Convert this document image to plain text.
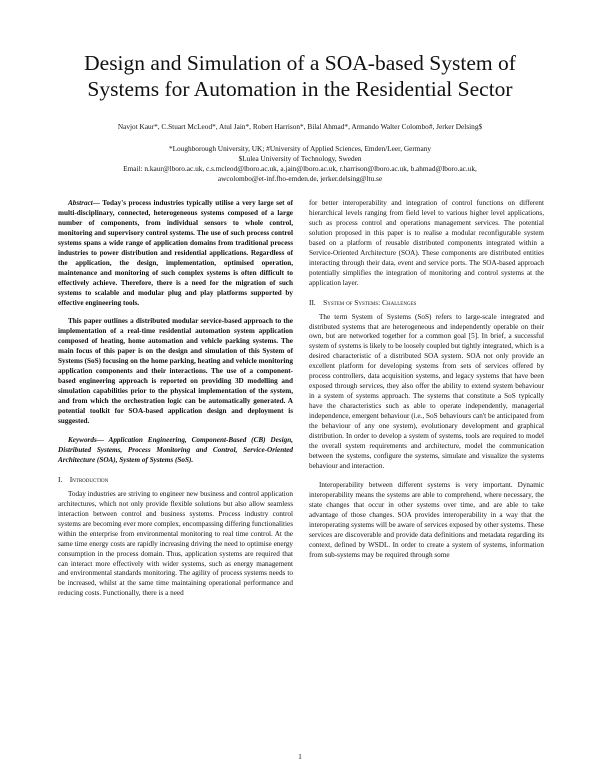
Design and Simulation of a SOA-based System of
Systems for Automation in the Residential Sector
Navjot Kaur*, C.Stuart McLeod*, Atul Jain*, Robert Harrison*, Bilal Ahmad*, Armando Walter Colombo#, Jerker Delsing$
*Loughborough University, UK; #University of Applied Sciences, Emden/Leer, Germany
$Lulea University of Technology, Sweden
Email: n.kaur@lboro.ac.uk, c.s.mcleod@lboro.ac.uk, a.jain@lboro.ac.uk, r.harrison@lboro.ac.uk, b.ahmad@lboro.ac.uk,
awcolombo@et-inf.fho-emden.de, jerker.delsing@ltu.se

Abstract— Today's process industries typically utilise a very large set of multi-disciplinary, connected, heterogeneous systems composed of a large number of components, from individual sensors to whole control, monitoring and supervisory control systems. The use of such process control systems spans a wide range of application domains from traditional process industries to power distribution and residential applications. Regardless of the application, the design, implementation, optimised operation, maintenance and monitoring of such complex systems is often difficult to effectively achieve. Therefore, there is a need for the migration of such systems to scalable and modular plug and play platforms supported by effective engineering tools.

This paper outlines a distributed modular service-based approach to the implementation of a real-time residential automation system application composed of heating, home automation and vehicle parking systems. The main focus of this paper is on the design and simulation of this System of Systems (SoS) focusing on the home parking, heating and vehicle monitoring application components and their interactions. The use of a component-based engineering approach is reported on providing 3D modelling and simulation capabilities prior to the physical implementation of the system, and from which the orchestration logic can be automatically generated. A potential toolkit for SOA-based application design and deployment is suggested.

Keywords— Application Engineering, Component-Based (CB) Design, Distributed Systems, Process Monitoring and Control, Service-Oriented Architecture (SOA), System of Systems (SoS).

I. Introduction

Today industries are striving to engineer new business and control application architectures, which not only provide flexible solutions but also allow seamless interaction between control and business systems. Process industry control systems are becoming ever more complex, encompassing differing functionalities within the enterprise from environmental monitoring to real time control. At the same time energy costs are rapidly increasing driving the need to optimise energy consumption in the process domain. Thus, application systems are required that can interact more effectively with wider systems, such as energy management and environmental standards monitoring. The agility of process systems needs to be increased, whilst at the same time maintaining operational performance and reducing costs. Functionally, there is a need

for better interoperability and integration of control functions on different hierarchical levels ranging from field level to various higher level applications, such as process control and operations management services. The potential solution proposed in this paper is to realise a modular reconfigurable system based on a platform of reusable distributed components integrated within a Service-Oriented Architecture (SOA). These components are distributed entities interacting through their data, event and service ports. The SOA-based approach potentially simplifies the integration of monitoring and control systems at the application layer.

II. System of Systems: Challenges

The term System of Systems (SoS) refers to large-scale integrated and distributed systems that are heterogeneous and independently operable on their own, but are networked together for a common goal [5]. In brief, a successful system of systems is likely to be loosely coupled but tightly integrated, which is a desired characteristic of a distributed SOA system. SOA not only provide an excellent platform for developing systems from sets of services offered by process controllers, data acquisition systems, and legacy systems that have been exposed through services, they also offer the ability to extend system behaviour in a system of systems approach. The systems that constitute a SoS typically have the characteristics such as able to operate independently, managerial independence, emergent behaviour (i.e., SoS behaviours can't be anticipated from the behaviour of any one system), evolutionary development and graphical distribution. In order to develop a system of systems, tools are required to model the overall system requirements and architecture, model the communication between the systems, configure the systems, simulate and visualize the systems behaviour and interaction.

Interoperability between different systems is very important. Dynamic interoperability means the systems are able to comprehend, where necessary, the state changes that occur in other systems over time, and are able to take advantage of those changes. SOA provides interoperability in a way that the interoperating systems will be aware of services exposed by other systems. These services are discoverable and provide data definitions and metadata regarding its context, defined by WSDL. In order to create a system of systems, information from sub-systems may be required through some

1
